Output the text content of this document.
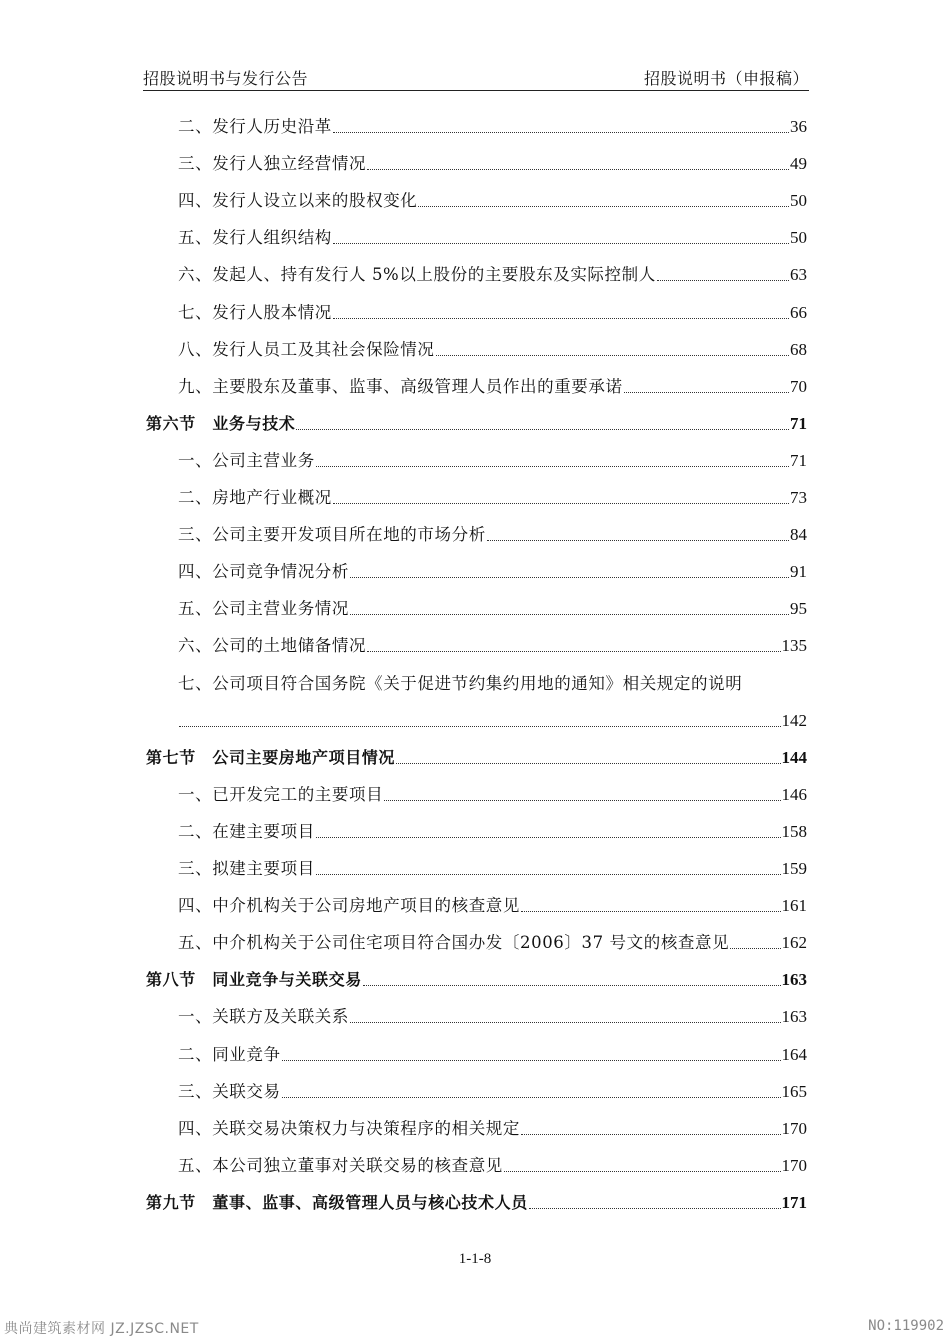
招股说明书与发行公告	招股说明书（申报稿）
二、发行人历史沿革	36
三、发行人独立经营情况	49
四、发行人设立以来的股权变化	50
五、发行人组织结构	50
六、发起人、持有发行人 5%以上股份的主要股东及实际控制人	63
七、发行人股本情况	66
八、发行人员工及其社会保险情况	68
九、主要股东及董事、监事、高级管理人员作出的重要承诺	70
第六节　业务与技术	71
一、公司主营业务	71
二、房地产行业概况	73
三、公司主要开发项目所在地的市场分析	84
四、公司竞争情况分析	91
五、公司主营业务情况	95
六、公司的土地储备情况	135
七、公司项目符合国务院《关于促进节约集约用地的通知》相关规定的说明
142
第七节　公司主要房地产项目情况	144
一、已开发完工的主要项目	146
二、在建主要项目	158
三、拟建主要项目	159
四、中介机构关于公司房地产项目的核查意见	161
五、中介机构关于公司住宅项目符合国办发〔2006〕37 号文的核查意见	162
第八节　同业竞争与关联交易	163
一、关联方及关联关系	163
二、同业竞争	164
三、关联交易	165
四、关联交易决策权力与决策程序的相关规定	170
五、本公司独立董事对关联交易的核查意见	170
第九节　董事、监事、高级管理人员与核心技术人员	171
1-1-8
典尚建筑素材网 JZ.JZSC.NET	NO:119902
